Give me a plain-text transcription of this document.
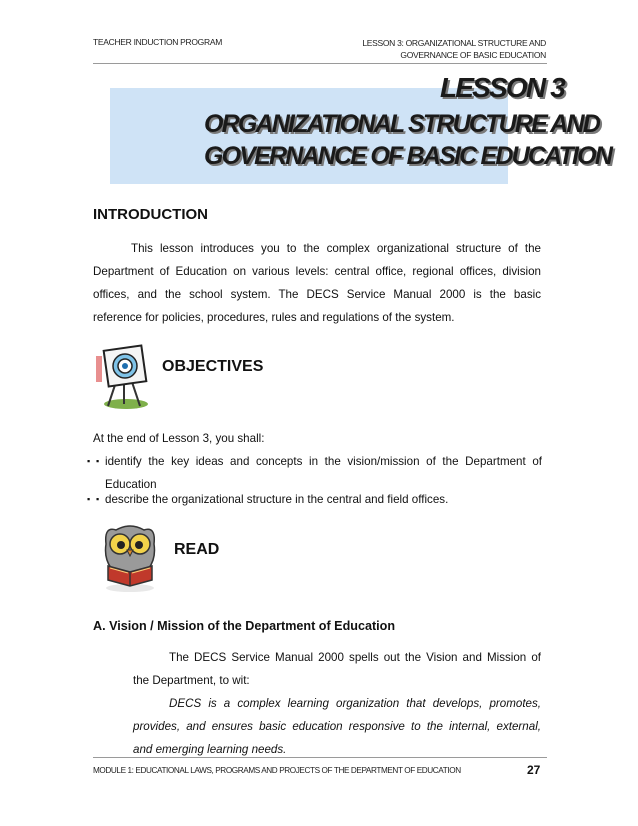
TEACHER INDUCTION PROGRAM	LESSON 3: ORGANIZATIONAL STRUCTURE AND
GOVERNANCE OF BASIC EDUCATION
LESSON 3
ORGANIZATIONAL STRUCTURE AND
GOVERNANCE OF BASIC EDUCATION
INTRODUCTION
This lesson introduces you to the complex organizational structure of the
Department of Education on various levels: central office, regional offices, division
offices, and the school system. The DECS Service Manual 2000 is the basic
reference for policies, procedures, rules and regulations of the system.
OBJECTIVES
At the end of Lesson 3, you shall:
▪ ▪ identify the key ideas and concepts in the vision/mission of the Department of
Education
▪ ▪ describe the organizational structure in the central and field offices.
READ
A. Vision / Mission of the Department of Education
The DECS Service Manual 2000 spells out the Vision and Mission of
the Department, to wit:
DECS is a complex learning organization that develops, promotes,
provides, and ensures basic education responsive to the internal, external,
and emerging learning needs.
MODULE 1: EDUCATIONAL LAWS, PROGRAMS AND PROJECTS OF THE DEPARTMENT OF EDUCATION	27
